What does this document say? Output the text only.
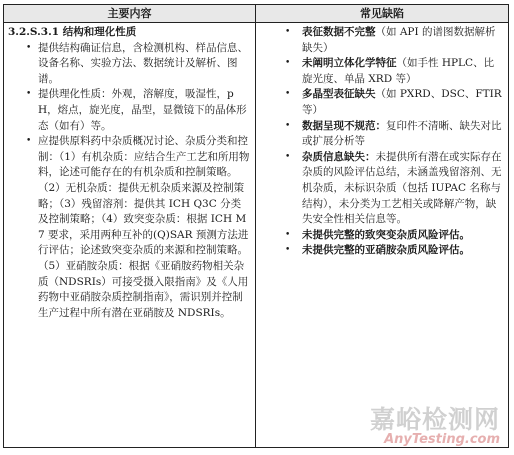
主要内容	常见缺陷
3.2.S.3.1 结构和理化性质
• 提供结构确证信息，含检测机构、样品信息、设备名称、实验方法、数据统计及解析、图谱。
• 提供理化性质：外观，溶解度，吸湿性，pH，熔点，旋光度，晶型，显微镜下的晶体形态（如有）等。
• 应提供原料药中杂质概况讨论、杂质分类和控制：（1）有机杂质：应结合生产工艺和所用物料，论述可能存在的有机杂质和控制策略。（2）无机杂质：提供无机杂质来源及控制策略；（3）残留溶剂：提供其 ICH Q3C 分类及控制策略；（4）致突变杂质：根据 ICH M7 要求，采用两种互补的(Q)SAR 预测方法进行评估；论述致突变杂质的来源和控制策略。（5）亚硝胺杂质：根据《亚硝胺药物相关杂质（NDSRIs）可接受摄入限指南》及《人用药物中亚硝胺杂质控制指南》，需识别并控制生产过程中所有潜在亚硝胺及 NDSRIs。
• 表征数据不完整（如 API 的谱图数据解析缺失）
• 未阐明立体化学特征（如手性 HPLC、比旋光度、单晶 XRD 等）
• 多晶型表征缺失（如 PXRD、DSC、FTIR 等）
• 数据呈现不规范：复印件不清晰、缺失对比或扩展分析等
• 杂质信息缺失：未提供所有潜在或实际存在杂质的风险评估总结，未涵盖残留溶剂、无机杂质，未标识杂质（包括 IUPAC 名称与结构），未分类为工艺相关或降解产物，缺失安全性相关信息等。
• 未提供完整的致突变杂质风险评估。
• 未提供完整的亚硝胺杂质风险评估。
嘉峪检测网
AnyTesting.com
